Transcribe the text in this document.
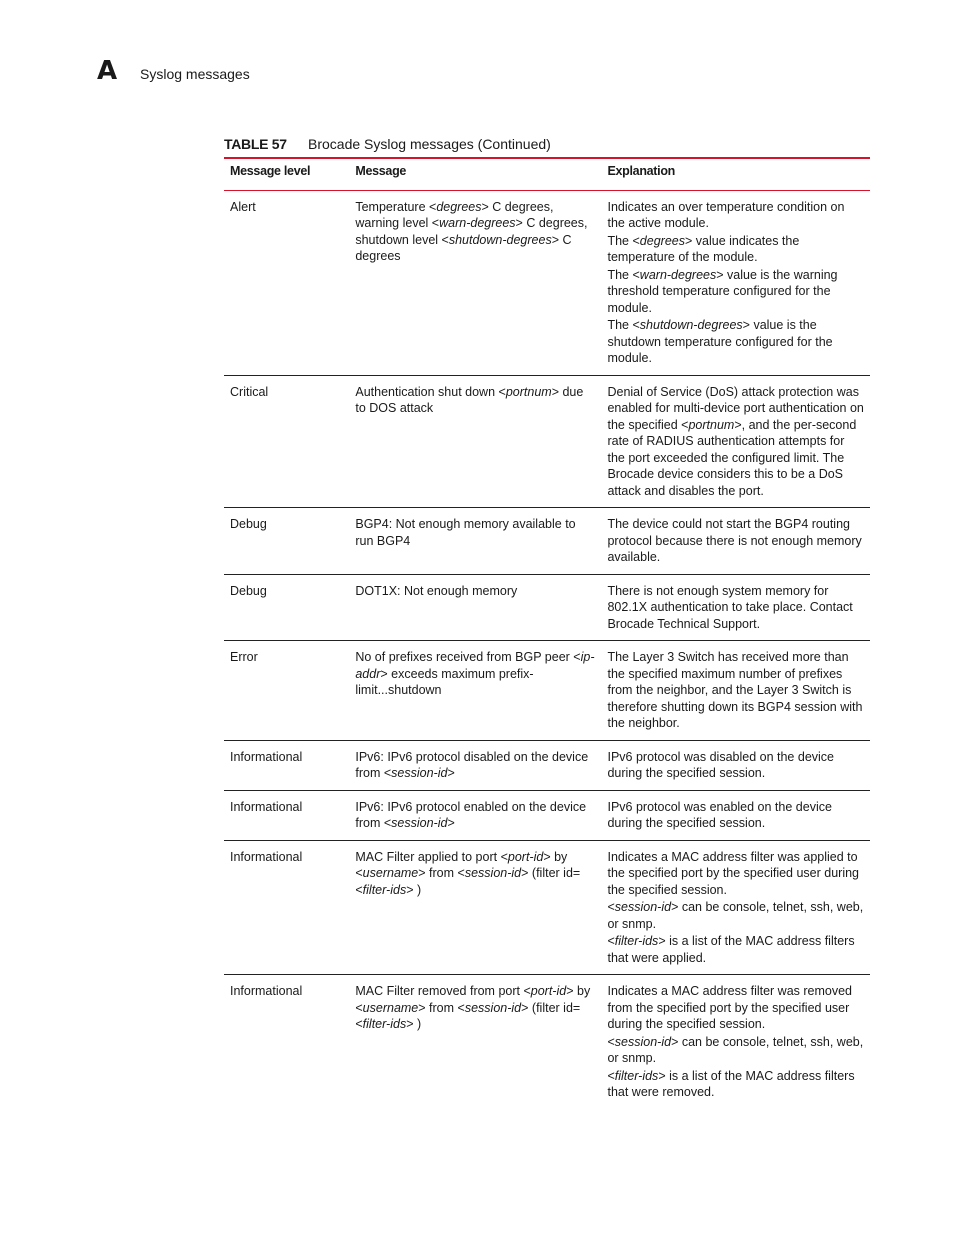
A Syslog messages
TABLE 57 Brocade Syslog messages (Continued)
Message level	Message	Explanation
Alert	Temperature <degrees> C degrees, warning level <warn-degrees> C degrees, shutdown level <shutdown-degrees> C degrees	Indicates an over temperature condition on the active module.
The <degrees> value indicates the temperature of the module.
The <warn-degrees> value is the warning threshold temperature configured for the module.
The <shutdown-degrees> value is the shutdown temperature configured for the module.

Critical	Authentication shut down <portnum> due to DOS attack	Denial of Service (DoS) attack protection was enabled for multi-device port authentication on the specified <portnum>, and the per-second rate of RADIUS authentication attempts for the port exceeded the configured limit. The Brocade device considers this to be a DoS attack and disables the port.

Debug	BGP4: Not enough memory available to run BGP4	The device could not start the BGP4 routing protocol because there is not enough memory available.

Debug	DOT1X: Not enough memory	There is not enough system memory for 802.1X authentication to take place. Contact Brocade Technical Support.

Error	No of prefixes received from BGP peer <ip-addr> exceeds maximum prefix-limit...shutdown	The Layer 3 Switch has received more than the specified maximum number of prefixes from the neighbor, and the Layer 3 Switch is therefore shutting down its BGP4 session with the neighbor.

Informational	IPv6: IPv6 protocol disabled on the device from <session-id>	IPv6 protocol was disabled on the device during the specified session.

Informational	IPv6: IPv6 protocol enabled on the device from <session-id>	IPv6 protocol was enabled on the device during the specified session.

Informational	MAC Filter applied to port <port-id> by <username> from <session-id> (filter id=<filter-ids> )	Indicates a MAC address filter was applied to the specified port by the specified user during the specified session.
<session-id> can be console, telnet, ssh, web, or snmp.
<filter-ids> is a list of the MAC address filters that were applied.

Informational	MAC Filter removed from port <port-id> by <username> from <session-id> (filter id=<filter-ids> )	Indicates a MAC address filter was removed from the specified port by the specified user during the specified session.
<session-id> can be console, telnet, ssh, web, or snmp.
<filter-ids> is a list of the MAC address filters that were removed.
